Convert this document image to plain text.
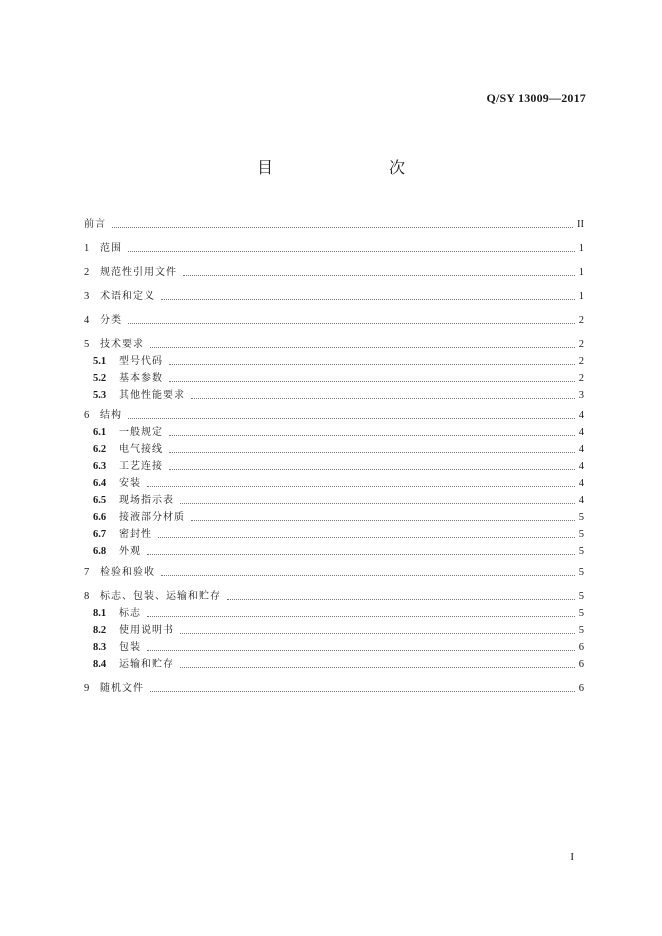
Q/SY 13009—2017
目　　次
前言	II
1	范围	1
2	规范性引用文件	1
3	术语和定义	1
4	分类	2
5	技术要求	2
5.1	型号代码	2
5.2	基本参数	2
5.3	其他性能要求	3
6	结构	4
6.1	一般规定	4
6.2	电气接线	4
6.3	工艺连接	4
6.4	安装	4
6.5	现场指示表	4
6.6	接液部分材质	5
6.7	密封性	5
6.8	外观	5
7	检验和验收	5
8	标志、包装、运输和贮存	5
8.1	标志	5
8.2	使用说明书	5
8.3	包装	6
8.4	运输和贮存	6
9	随机文件	6
I
